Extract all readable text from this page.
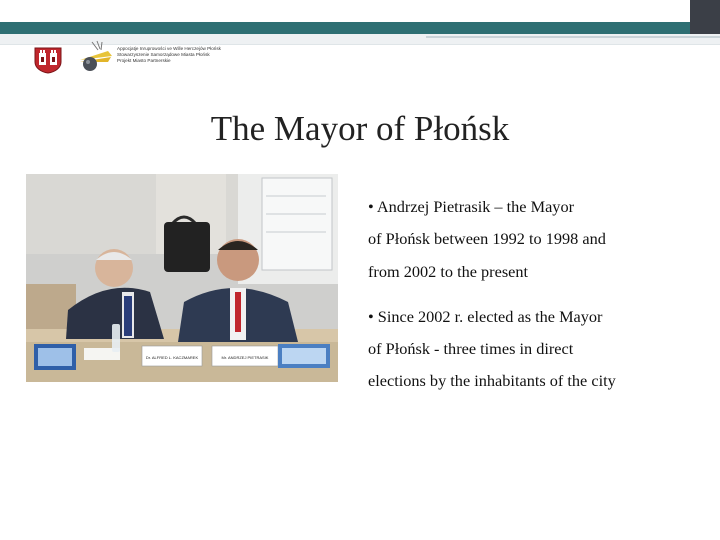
Appocjatje Inruprowości ve Wille Herczejów Płońsk
Stowarzyszenie Samorządowe Miasta Płońsk
Projekt Miasto Partnerskie
The Mayor of Płońsk
Dr. ALFRED L. KACZMAREK	Mr. ANDRZEJ PIETRASIK

• Andrzej Pietrasik – the Mayor
of Płońsk between 1992 to 1998 and
from 2002 to the present

• Since 2002 r. elected as the Mayor
of Płońsk - three times in direct
elections by the inhabitants of the city
